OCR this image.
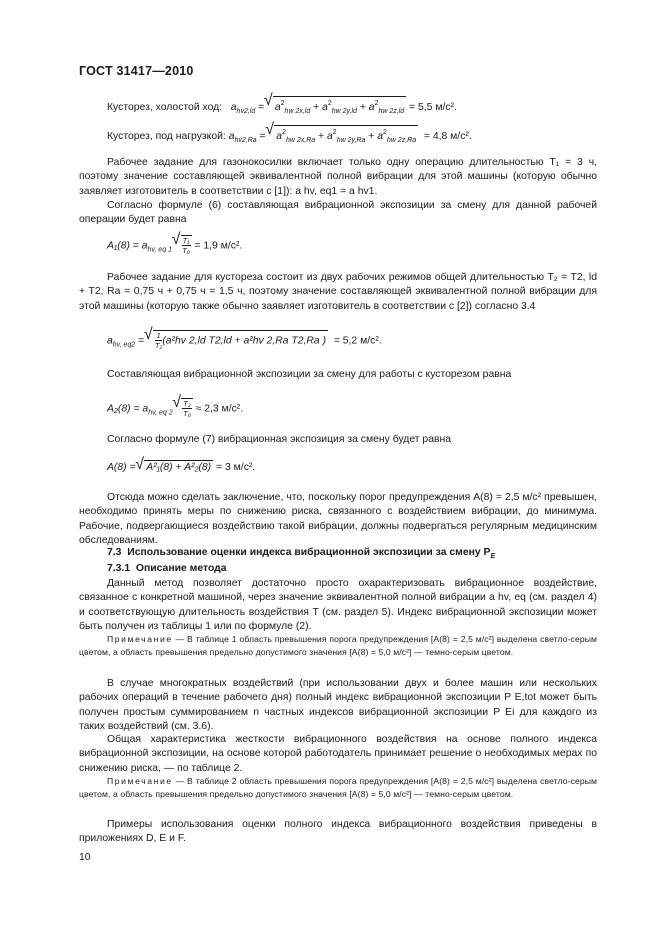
ГОСТ 31417—2010
Кусторез, холостой ход: $a_{hv2,ld}$ =   √ $a^2_{hw 2x,ld} + a^2_{hw 2y,ld} + a^2_{hw 2z,ld} = 5,5$ м/с².
Кусторез, под нагрузкой: $a_{hv2,Ra}$ =   √ $a^2_{hw 2x,Ra} + a^2_{hw 2y,Ra} + a^2_{hw 2z,Ra} = 4,8$ м/с².
Рабочее задание для газонокосилки включает только одну операцию длительностью T₁ = 3 ч, поэтому значение составляющей эквивалентной полной вибрации для этой машины (которую обычно заявляет изготовитель в соответствии с [1]): a hv, eq1 = a hv1.
Согласно формуле (6) составляющая вибрационной экспозиции за смену для данной рабочей операции будет равна
$A_1(8) = a_{hv, eq 1}$ √ $\frac{\text{T₁}}{\text{T₀}} = 1,9$ м/с².
Рабочее задание для кустореза состоит из двух рабочих режимов общей длительностью T₂ = T2, ld + T2, Ra = 0,75 ч + 0,75 ч = 1,5 ч, поэтому значение составляющей эквивалентной полной вибрации для этой машины (которую также обычно заявляет изготовитель в соответствии с [2]) согласно 3.4
$a_{hv, eq2}$ = √ $\frac{1}{\text{T₂}}(a^2hv$ 2,ld T2,ld + a²hv 2,Ra T2,Ra ) = 5,2 м/с².
Составляющая вибрационной экспозиции за смену для работы с кусторезом равна
$A_2(8) = a_{hv, eq 2}$ √ $\frac{\text{T₂}}{\text{T₀}} \approx 2,3$ м/с².
Согласно формуле (7) вибрационная экспозиция за смену будет равна
A(8) = √ A²₁(8) + A²₂(8) = 3 м/с².
Отсюда можно сделать заключение, что, поскольку порог предупреждения A(8) = 2,5 м/с² превышен, необходимо принять меры по снижению риска, связанного с воздействием вибрации, до минимума. Рабочие, подвергающиеся воздействию такой вибрации, должны подвергаться регулярным медицинским обследованиям.
7.3 Использование оценки индекса вибрационной экспозиции за смену $P_E$
7.3.1 Описание метода
Данный метод позволяет достаточно просто охарактеризовать вибрационное воздействие, связанное с конкретной машиной, через значение эквивалентной полной вибрации a hv, eq (см. раздел 4) и соответствующую длительность воздействия T (см. раздел 5). Индекс вибрационной экспозиции может быть получен из таблицы 1 или по формуле (2).
Примечание — В таблице 1 область превышения порога предупреждения [A(8) = 2,5 м/с²] выделена светло-серым цветом, а область превышения предельно допустимого значения [A(8) = 5,0 м/с²] — темно-серым цветом.
В случае многократных воздействий (при использовании двух и более машин или нескольких рабочих операций в течение рабочего дня) полный индекс вибрационной экспозиции P E,tot может быть получен простым суммированием n частных индексов вибрационной экспозиции P Ei для каждого из таких воздействий (см. 3.6).
Общая характеристика жесткости вибрационного воздействия на основе полного индекса вибрационной экспозиции, на основе которой работодатель принимает решение о необходимых мерах по снижению риска, — по таблице 2.
Примечание — В таблице 2 область превышения порога предупреждения [A(8) = 2,5 м/с²] выделена светло-серым цветом, а область превышения предельно допустимого значения [A(8) = 5,0 м/с²] — темно-серым цветом.
Примеры использования оценки полного индекса вибрационного воздействия приведены в приложениях D, E и F.
10
